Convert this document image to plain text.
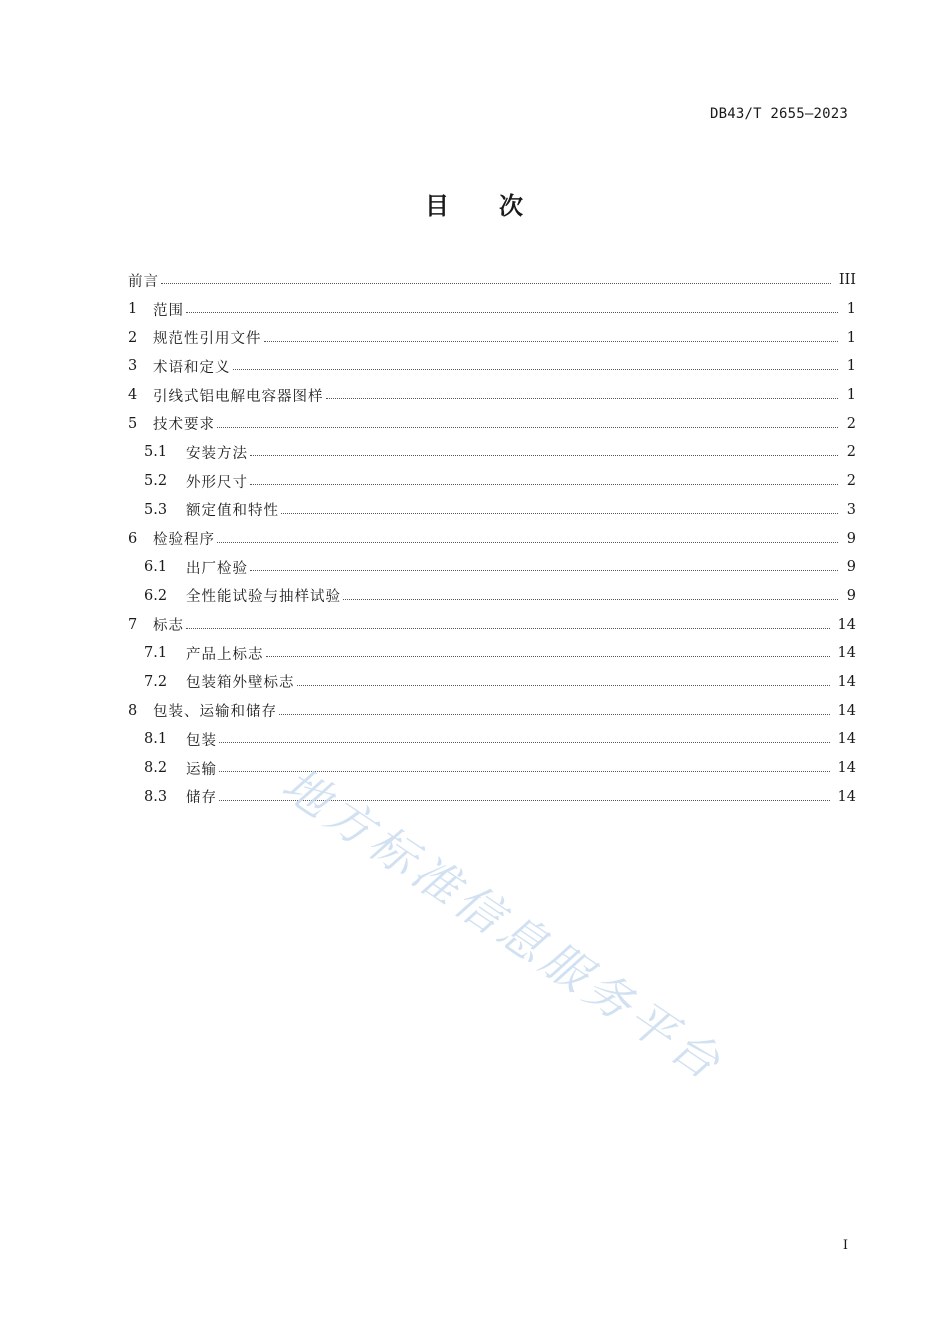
DB43/T 2655—2023
目 次
前言	III
1	范围	1
2	规范性引用文件	1
3	术语和定义	1
4	引线式铝电解电容器图样	1
5	技术要求	2
5.1	安装方法	2
5.2	外形尺寸	2
5.3	额定值和特性	3
6	检验程序	9
6.1	出厂检验	9
6.2	全性能试验与抽样试验	9
7	标志	14
7.1	产品上标志	14
7.2	包装箱外壁标志	14
8	包装、运输和储存	14
8.1	包装	14
8.2	运输	14
8.3	储存	14
地方标准信息服务平台
I
